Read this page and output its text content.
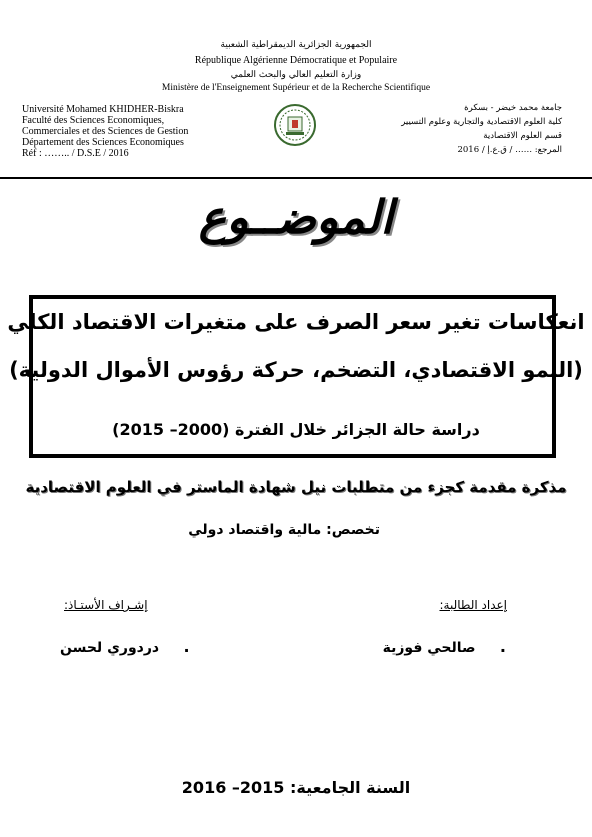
الجمهورية الجزائرية الديمقراطية الشعبية
République Algérienne Démocratique et Populaire
وزارة التعليم العالي والبحث العلمي
Ministère de l'Enseignement Supérieur et de la Recherche Scientifique
Université Mohamed KHIDHER-Biskra
Faculté des Sciences Economiques,
Commerciales et des Sciences de Gestion
Département des Sciences Economiques
Réf : …….. / D.S.E / 2016
جامعة محمد خيضر - بسكرة
كلية العلوم الاقتصادية والتجارية وعلوم التسيير
قسم العلوم الاقتصادية
المرجع: …… / ق.ع.إ / 2016
الموضــوع
انعكاسات تغير سعر الصرف على متغيرات الاقتصاد الكلي
(النمو الاقتصادي، التضخم، حركة رؤوس الأموال الدولية)
دراسة حالة الجزائر خلال الفترة (2000– 2015)
مذكرة مقدمة كجزء من متطلبات نيل شهادة الماستر في العلوم الاقتصادية
تخصص: مالية واقتصاد دولي
إعداد الطالبة:
إشـراف الأستـاذ:
.     صالحي فوزية
.     دردوري لحسن
السنة الجامعية: 2015– 2016
